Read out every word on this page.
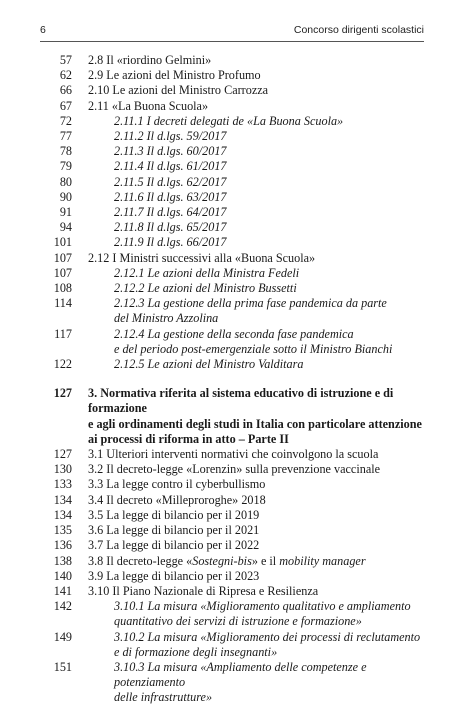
6	Concorso dirigenti scolastici
57 2.8 Il «riordino Gelmini»
62 2.9 Le azioni del Ministro Profumo
66 2.10 Le azioni del Ministro Carrozza
67 2.11 «La Buona Scuola»
72	2.11.1 I decreti delegati de «La Buona Scuola»
77	2.11.2 Il d.lgs. 59/2017
78	2.11.3 Il d.lgs. 60/2017
79	2.11.4 Il d.lgs. 61/2017
80	2.11.5 Il d.lgs. 62/2017
90	2.11.6 Il d.lgs. 63/2017
91	2.11.7 Il d.lgs. 64/2017
94	2.11.8 Il d.lgs. 65/2017
101	2.11.9 Il d.lgs. 66/2017
107 2.12 I Ministri successivi alla «Buona Scuola»
107	2.12.1 Le azioni della Ministra Fedeli
108	2.12.2 Le azioni del Ministro Bussetti
114	2.12.3 La gestione della prima fase pandemica da parte
del Ministro Azzolina
117	2.12.4 La gestione della seconda fase pandemica
e del periodo post-emergenziale sotto il Ministro Bianchi
122	2.12.5 Le azioni del Ministro Valditara
127 3. Normativa riferita al sistema educativo di istruzione e di formazione
e agli ordinamenti degli studi in Italia con particolare attenzione
ai processi di riforma in atto – Parte II
127 3.1 Ulteriori interventi normativi che coinvolgono la scuola
130 3.2 Il decreto-legge «Lorenzin» sulla prevenzione vaccinale
133 3.3 La legge contro il cyberbullismo
134 3.4 Il decreto «Milleproroghe» 2018
134 3.5 La legge di bilancio per il 2019
135 3.6 La legge di bilancio per il 2021
136 3.7 La legge di bilancio per il 2022
138 3.8 Il decreto-legge «Sostegni-bis» e il mobility manager
140 3.9 La legge di bilancio per il 2023
141 3.10 Il Piano Nazionale di Ripresa e Resilienza
142	3.10.1 La misura «Miglioramento qualitativo e ampliamento
quantitativo dei servizi di istruzione e formazione»
149	3.10.2 La misura «Miglioramento dei processi di reclutamento
e di formazione degli insegnanti»
151	3.10.3 La misura «Ampliamento delle competenze e potenziamento
delle infrastrutture»
